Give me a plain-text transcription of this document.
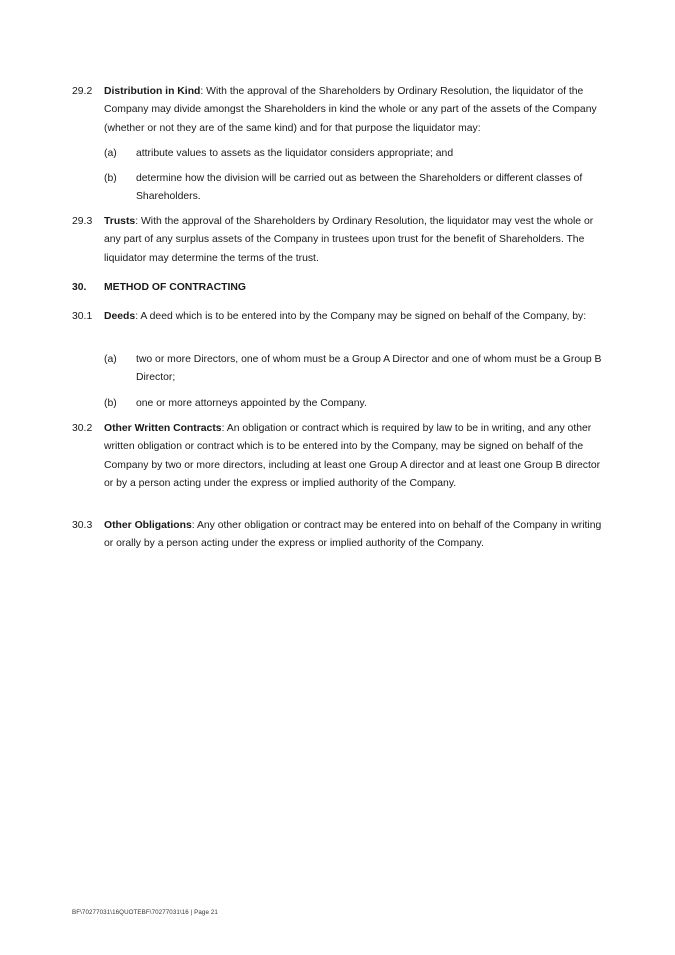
29.2	Distribution in Kind: With the approval of the Shareholders by Ordinary Resolution, the liquidator of the Company may divide amongst the Shareholders in kind the whole or any part of the assets of the Company (whether or not they are of the same kind) and for that purpose the liquidator may:
(a)	attribute values to assets as the liquidator considers appropriate; and
(b)	determine how the division will be carried out as between the Shareholders or different classes of Shareholders.
29.3	Trusts: With the approval of the Shareholders by Ordinary Resolution, the liquidator may vest the whole or any part of any surplus assets of the Company in trustees upon trust for the benefit of Shareholders. The liquidator may determine the terms of the trust.
30.	METHOD OF CONTRACTING
30.1	Deeds: A deed which is to be entered into by the Company may be signed on behalf of the Company, by:
(a)	two or more Directors, one of whom must be a Group A Director and one of whom must be a Group B Director;
(b)	one or more attorneys appointed by the Company.
30.2	Other Written Contracts: An obligation or contract which is required by law to be in writing, and any other written obligation or contract which is to be entered into by the Company, may be signed on behalf of the Company by two or more directors, including at least one Group A director and at least one Group B director or by a person acting under the express or implied authority of the Company.
30.3	Other Obligations: Any other obligation or contract may be entered into on behalf of the Company in writing or orally by a person acting under the express or implied authority of the Company.
BF\70277031\16QUOTEBF\70277031\16 | Page 21
